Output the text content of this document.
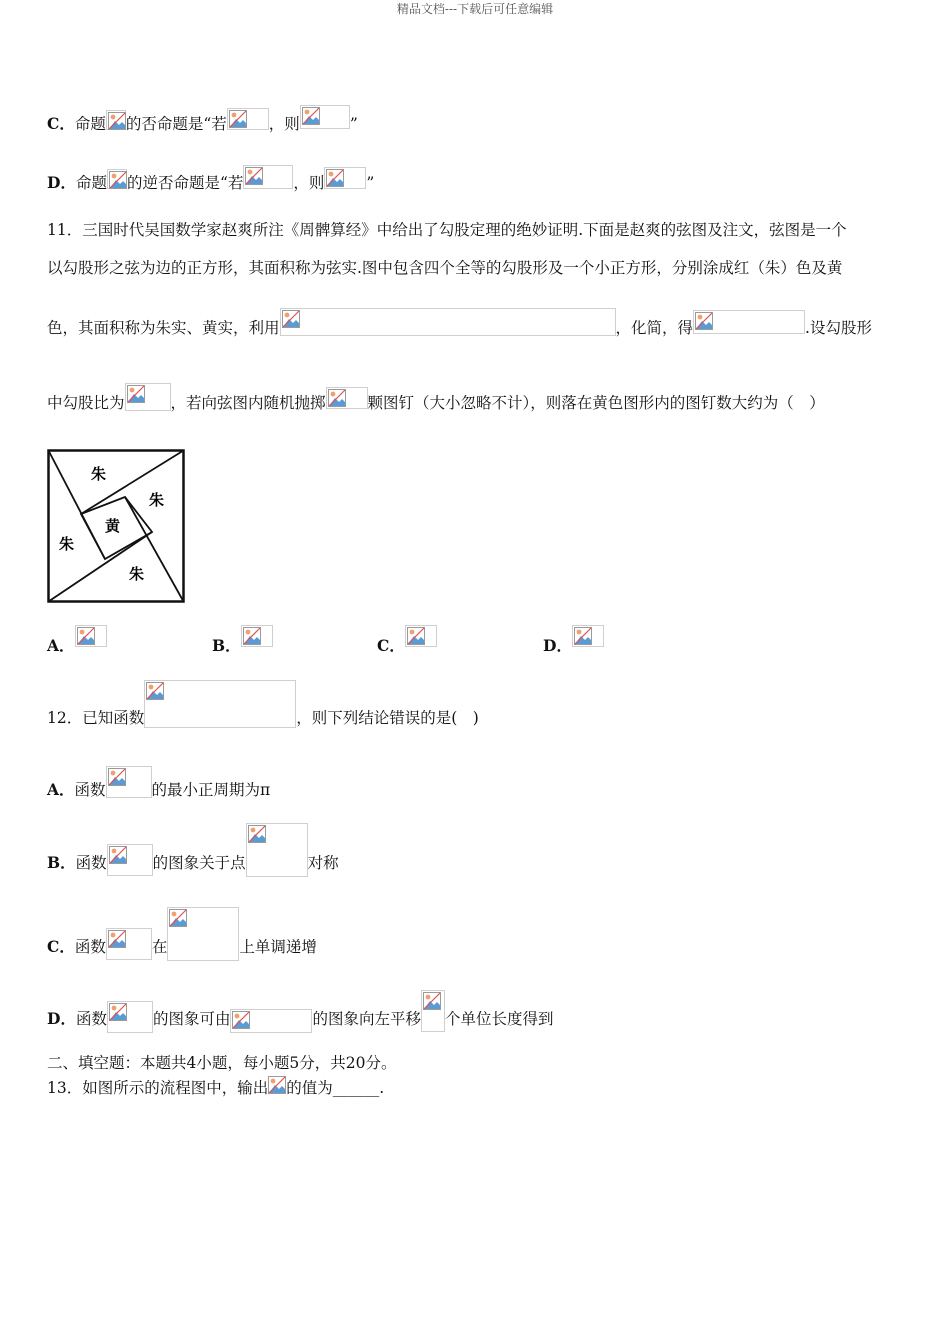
精品文档---下载后可任意编辑
C．命题 的否命题是“若	，则	”
D．命题 的逆否命题是“若	，则	”
11．三国时代吴国数学家赵爽所注《周髀算经》中给出了勾股定理的绝妙证明.下面是赵爽的弦图及注文，弦图是一个
以勾股形之弦为边的正方形，其面积称为弦实.图中包含四个全等的勾股形及一个小正方形，分别涂成红（朱）色及黄
色，其面积称为朱实、黄实，利用	，化简，得	.设勾股形
中勾股比为	，若向弦图内随机抛掷	颗图钉（大小忽略不计），则落在黄色图形内的图钉数大约为（　）
朱
朱
黄
朱
朱
A．	B．	C．	D．
12．已知函数	，则下列结论错误的是(　)
A．函数	的最小正周期为π
B．函数	的图象关于点	对称
C．函数	在	上单调递增
D．函数	的图象可由	的图象向左平移 个单位长度得到
二、填空题：本题共4小题，每小题5分，共20分。
13．如图所示的流程图中，输出 的值为______.
